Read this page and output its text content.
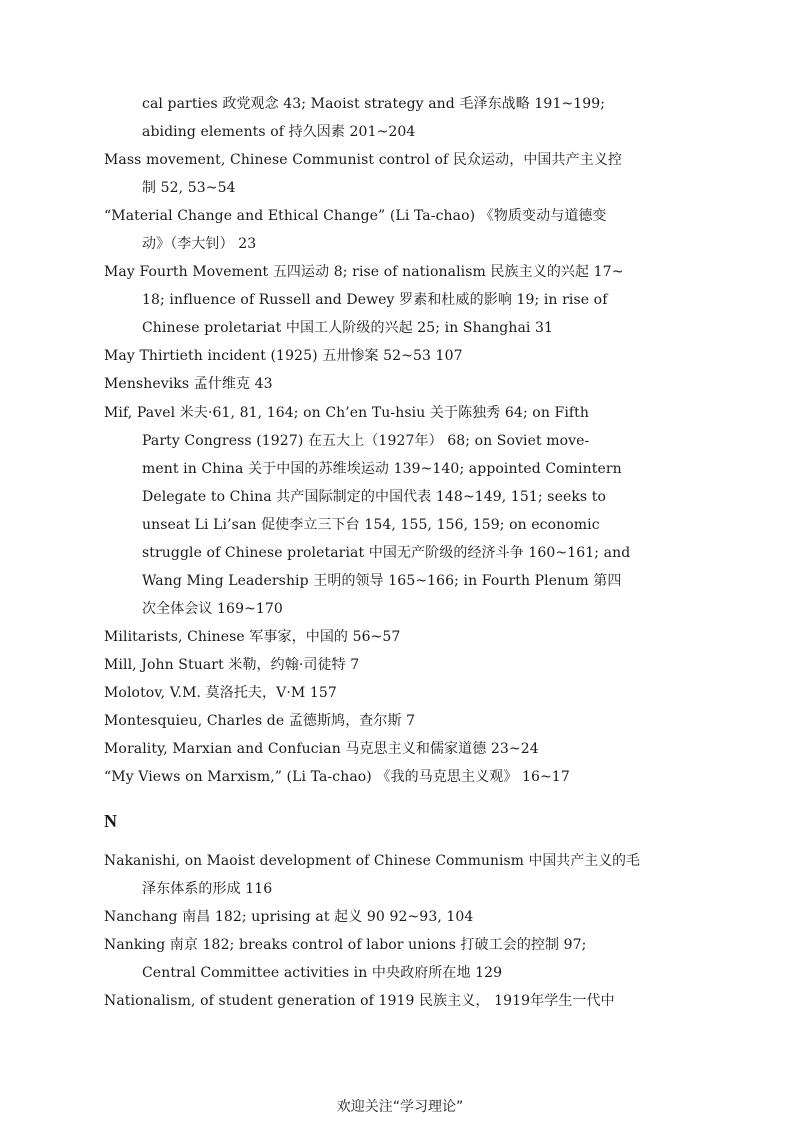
cal parties 政党观念 43; Maoist strategy and 毛泽东战略 191~199;
abiding elements of 持久因素 201~204
Mass movement, Chinese Communist control of 民众运动，中国共产主义控
制 52, 53~54
“Material Change and Ethical Change” (Li Ta-chao) 《物质变动与道德变
动》（李大钊） 23
May Fourth Movement 五四运动 8; rise of nationalism 民族主义的兴起 17~
18; influence of Russell and Dewey 罗素和杜威的影响 19; in rise of
Chinese proletariat 中国工人阶级的兴起 25; in Shanghai 31
May Thirtieth incident (1925) 五卅惨案 52~53 107
Mensheviks 孟什维克 43
Mif, Pavel 米夫·61, 81, 164; on Ch’en Tu-hsiu 关于陈独秀 64; on Fifth
Party Congress (1927) 在五大上（1927年） 68; on Soviet move-
ment in China 关于中国的苏维埃运动 139~140; appointed Comintern
Delegate to China 共产国际制定的中国代表 148~149, 151; seeks to
unseat Li Li’san 促使李立三下台 154, 155, 156, 159; on economic
struggle of Chinese proletariat 中国无产阶级的经济斗争 160~161; and
Wang Ming Leadership 王明的领导 165~166; in Fourth Plenum 第四
次全体会议 169~170
Militarists, Chinese 军事家，中国的 56~57
Mill, John Stuart 米勒，约翰·司徒特 7
Molotov, V.M. 莫洛托夫，V·M 157
Montesquieu, Charles de 孟德斯鸠，查尔斯 7
Morality, Marxian and Confucian 马克思主义和儒家道德 23~24
“My Views on Marxism,” (Li Ta-chao) 《我的马克思主义观》 16~17
N
Nakanishi, on Maoist development of Chinese Communism 中国共产主义的毛
泽东体系的形成 116
Nanchang 南昌 182; uprising at 起义 90 92~93, 104
Nanking 南京 182; breaks control of labor unions 打破工会的控制 97;
Central Committee activities in 中央政府所在地 129
Nationalism, of student generation of 1919 民族主义， 1919年学生一代中
欢迎关注“学习理论”
